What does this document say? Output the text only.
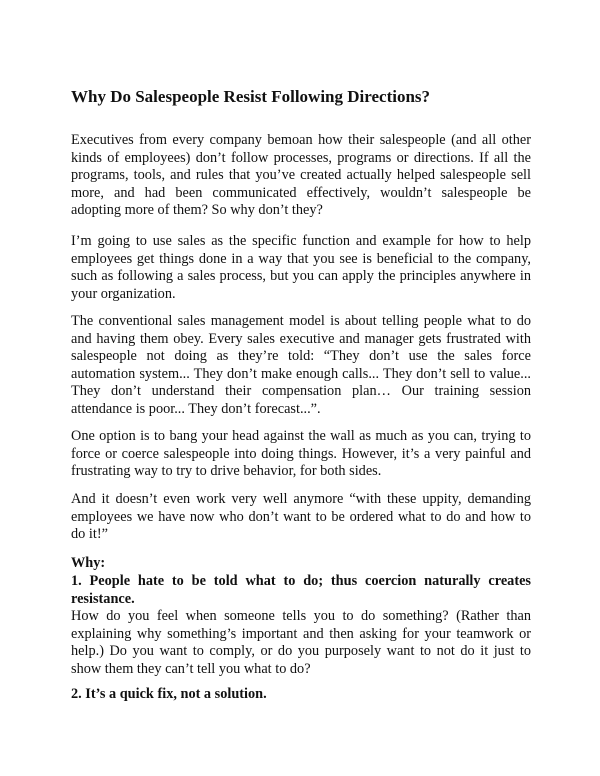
Why Do Salespeople Resist Following Directions?

Executives from every company bemoan how their salespeople (and all other kinds of employees) don’t follow processes, programs or directions. If all the programs, tools, and rules that you’ve created actually helped salespeople sell more, and had been communicated effectively, wouldn’t salespeople be adopting more of them? So why don’t they?

I’m going to use sales as the specific function and example for how to help employees get things done in a way that you see is beneficial to the company, such as following a sales process, but you can apply the principles anywhere in your organization.

The conventional sales management model is about telling people what to do and having them obey. Every sales executive and manager gets frustrated with salespeople not doing as they’re told: “They don’t use the sales force automation system... They don’t make enough calls... They don’t sell to value... They don’t understand their compensation plan… Our training session attendance is poor... They don’t forecast...”.

One option is to bang your head against the wall as much as you can, trying to force or coerce salespeople into doing things. However, it’s a very painful and frustrating way to try to drive behavior, for both sides.

And it doesn’t even work very well anymore “with these uppity, demanding employees we have now who don’t want to be ordered what to do and how to do it!”

Why:

1. People hate to be told what to do; thus coercion naturally creates resistance.

How do you feel when someone tells you to do something? (Rather than explaining why something’s important and then asking for your teamwork or help.) Do you want to comply, or do you purposely want to not do it just to show them they can’t tell you what to do?

2. It’s a quick fix, not a solution.
